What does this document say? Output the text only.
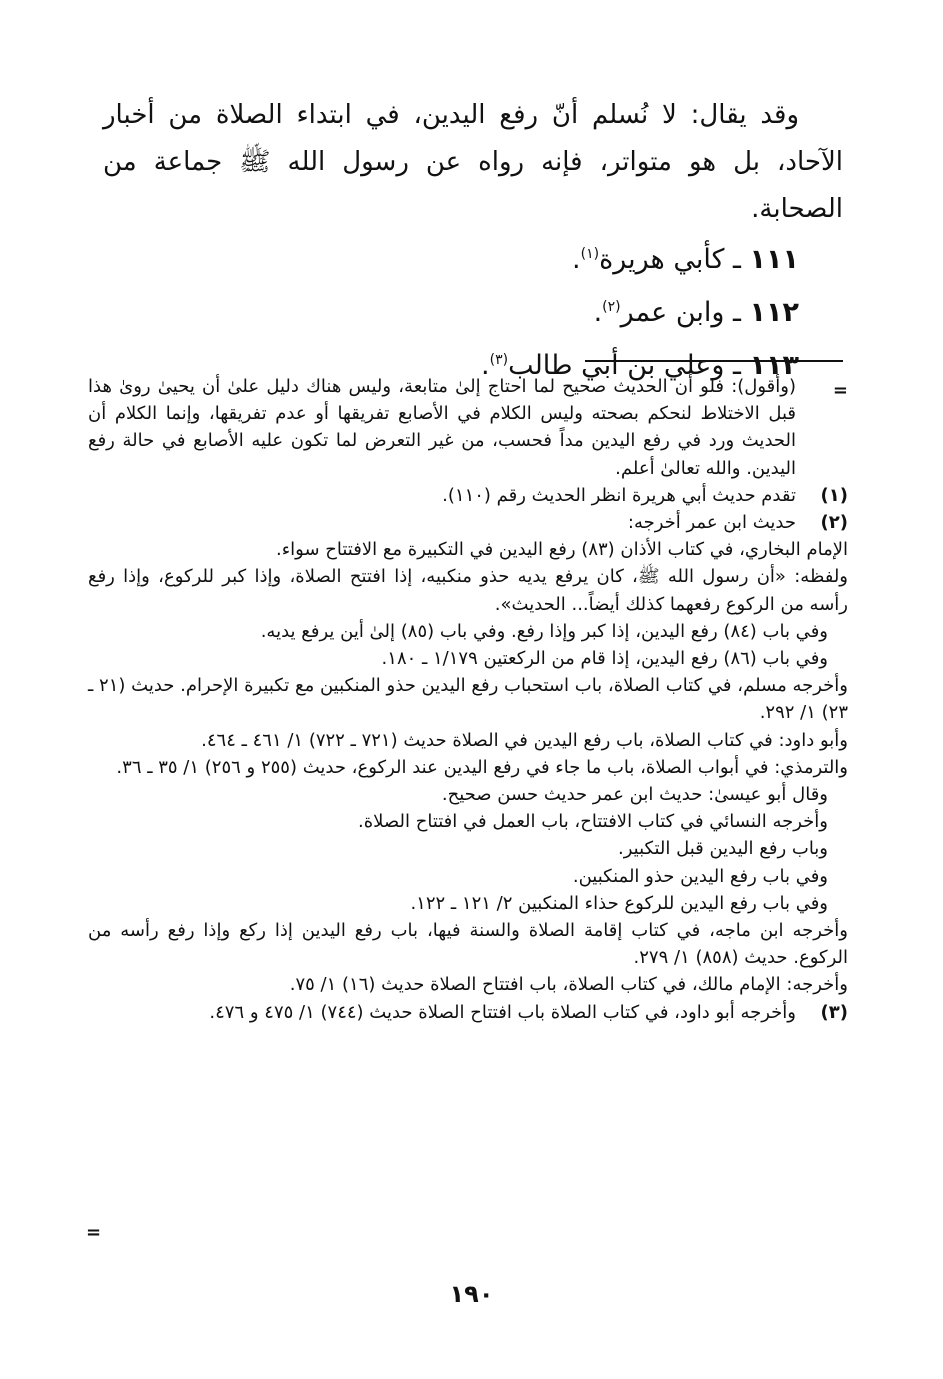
وقد يقال: لا نُسلم أنّ رفع اليدين، في ابتداء الصلاة من أخبار الآحاد، بل هو متواتر، فإنه رواه عن رسول الله ﷺ جماعة من الصحابة.
١١١ ـ كأبي هريرة$^{(١)}$.
١١٢ ـ وابن عمر$^{(٢)}$.
١١٣ ـ وعلي بن أبي طالب$^{(٣)}$.
=
(وأقول): فلو أن الحديث صحيح لما احتاج إلىٰ متابعة، وليس هناك دليل علىٰ أن يحيىٰ روىٰ هذا قبل الاختلاط لنحكم بصحته وليس الكلام في الأصابع تفريقها أو عدم تفريقها، وإنما الكلام أن الحديث ورد في رفع اليدين مداً فحسب، من غير التعرض لما تكون عليه الأصابع في حالة رفع اليدين. والله تعالىٰ أعلم.
(١)
تقدم حديث أبي هريرة انظر الحديث رقم (١١٠).
(٢)
حديث ابن عمر أخرجه:
الإمام البخاري، في كتاب الأذان (٨٣) رفع اليدين في التكبيرة مع الافتتاح سواء.
ولفظه: «أن رسول الله ﷺ، كان يرفع يديه حذو منكبيه، إذا افتتح الصلاة، وإذا كبر للركوع، وإذا رفع رأسه من الركوع رفعهما كذلك أيضاً... الحديث».
وفي باب (٨٤) رفع اليدين، إذا كبر وإذا رفع. وفي باب (٨٥) إلىٰ أين يرفع يديه.
وفي باب (٨٦) رفع اليدين، إذا قام من الركعتين ١/١٧٩ ـ ١٨٠.
وأخرجه مسلم، في كتاب الصلاة، باب استحباب رفع اليدين حذو المنكبين مع تكبيرة الإحرام. حديث (٢١ ـ ٢٣) ١/ ٢٩٢.
وأبو داود: في كتاب الصلاة، باب رفع اليدين في الصلاة حديث (٧٢١ ـ ٧٢٢) ١/ ٤٦١ ـ ٤٦٤.
والترمذي: في أبواب الصلاة، باب ما جاء في رفع اليدين عند الركوع، حديث (٢٥٥ و ٢٥٦) ١/ ٣٥ ـ ٣٦.
وقال أبو عيسىٰ: حديث ابن عمر حديث حسن صحيح.
وأخرجه النسائي في كتاب الافتتاح، باب العمل في افتتاح الصلاة.
وباب رفع اليدين قبل التكبير.
وفي باب رفع اليدين حذو المنكبين.
وفي باب رفع اليدين للركوع حذاء المنكبين ٢/ ١٢١ ـ ١٢٢.
وأخرجه ابن ماجه، في كتاب إقامة الصلاة والسنة فيها، باب رفع اليدين إذا ركع وإذا رفع رأسه من الركوع. حديث (٨٥٨) ١/ ٢٧٩.
وأخرجه: الإمام مالك، في كتاب الصلاة، باب افتتاح الصلاة حديث (١٦) ١/ ٧٥.
(٣)
وأخرجه أبو داود، في كتاب الصلاة باب افتتاح الصلاة حديث (٧٤٤) ١/ ٤٧٥ و ٤٧٦.
=
١٩٠
